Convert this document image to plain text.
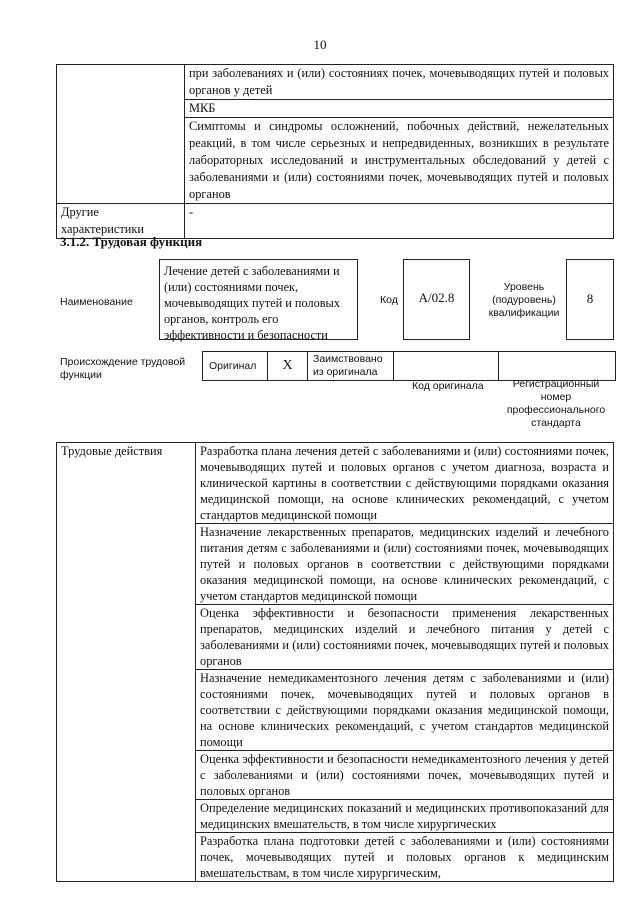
10
	при заболеваниях и (или) состояниях почек, мочевыводящих путей и половых органов у детей
	МКБ
	Симптомы и синдромы осложнений, побочных действий, нежелательных реакций, в том числе серьезных и непредвиденных, возникших в результате лабораторных исследований и инструментальных обследований у детей с заболеваниями и (или) состояниями почек, мочевыводящих путей и половых органов
Другие характеристики	-
3.1.2. Трудовая функция
Наименование
Лечение детей с заболеваниями и (или) состояниями почек, мочевыводящих путей и половых органов, контроль его эффективности и безопасности
Код	A/02.8
Уровень (подуровень) квалификации
8
Происхождение трудовой функции
Оригинал	X	Заимствовано из оригинала
Код оригинала	Регистрационный номер профессионального стандарта
Трудовые действия	Разработка плана лечения детей с заболеваниями и (или) состояниями почек, мочевыводящих путей и половых органов с учетом диагноза, возраста и клинической картины в соответствии с действующими порядками оказания медицинской помощи, на основе клинических рекомендаций, с учетом стандартов медицинской помощи
Назначение лекарственных препаратов, медицинских изделий и лечебного питания детям с заболеваниями и (или) состояниями почек, мочевыводящих путей и половых органов в соответствии с действующими порядками оказания медицинской помощи, на основе клинических рекомендаций, с учетом стандартов медицинской помощи
Оценка эффективности и безопасности применения лекарственных препаратов, медицинских изделий и лечебного питания у детей с заболеваниями и (или) состояниями почек, мочевыводящих путей и половых органов
Назначение немедикаментозного лечения детям с заболеваниями и (или) состояниями почек, мочевыводящих путей и половых органов в соответствии с действующими порядками оказания медицинской помощи, на основе клинических рекомендаций, с учетом стандартов медицинской помощи
Оценка эффективности и безопасности немедикаментозного лечения у детей с заболеваниями и (или) состояниями почек, мочевыводящих путей и половых органов
Определение медицинских показаний и медицинских противопоказаний для медицинских вмешательств, в том числе хирургических
Разработка плана подготовки детей с заболеваниями и (или) состояниями почек, мочевыводящих путей и половых органов к медицинским вмешательствам, в том числе хирургическим,
